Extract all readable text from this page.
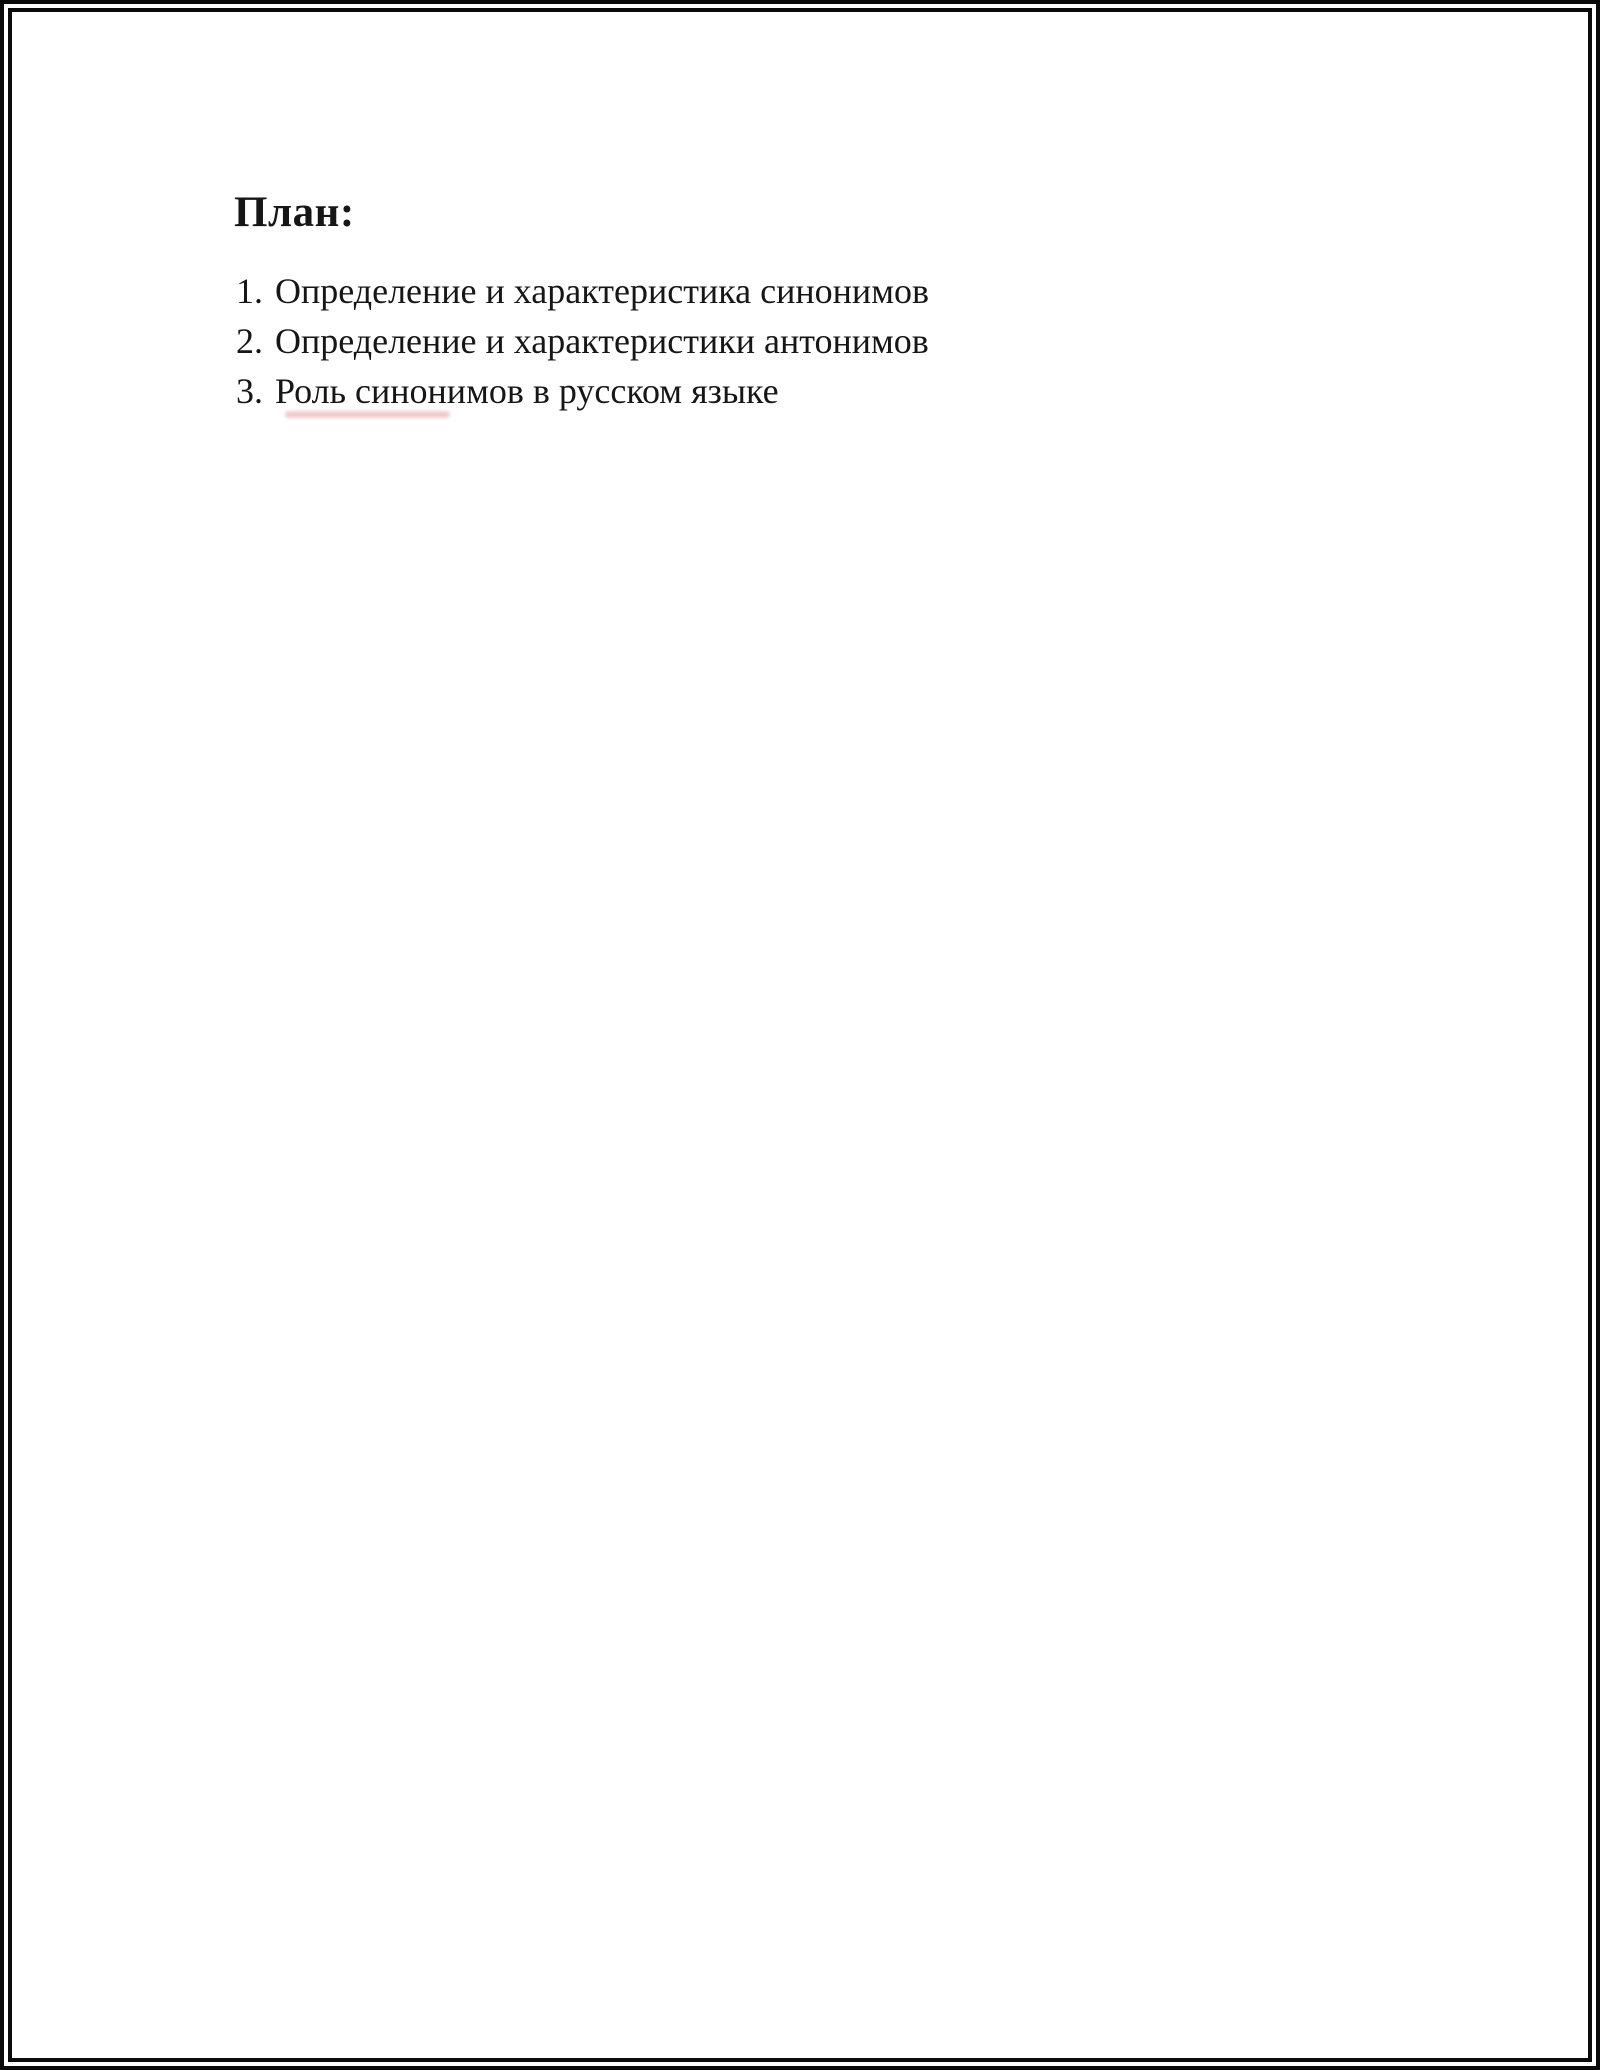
План:
1. Определение и характеристика синонимов
2. Определение и характеристики антонимов
3. Роль синонимов в русском языке
